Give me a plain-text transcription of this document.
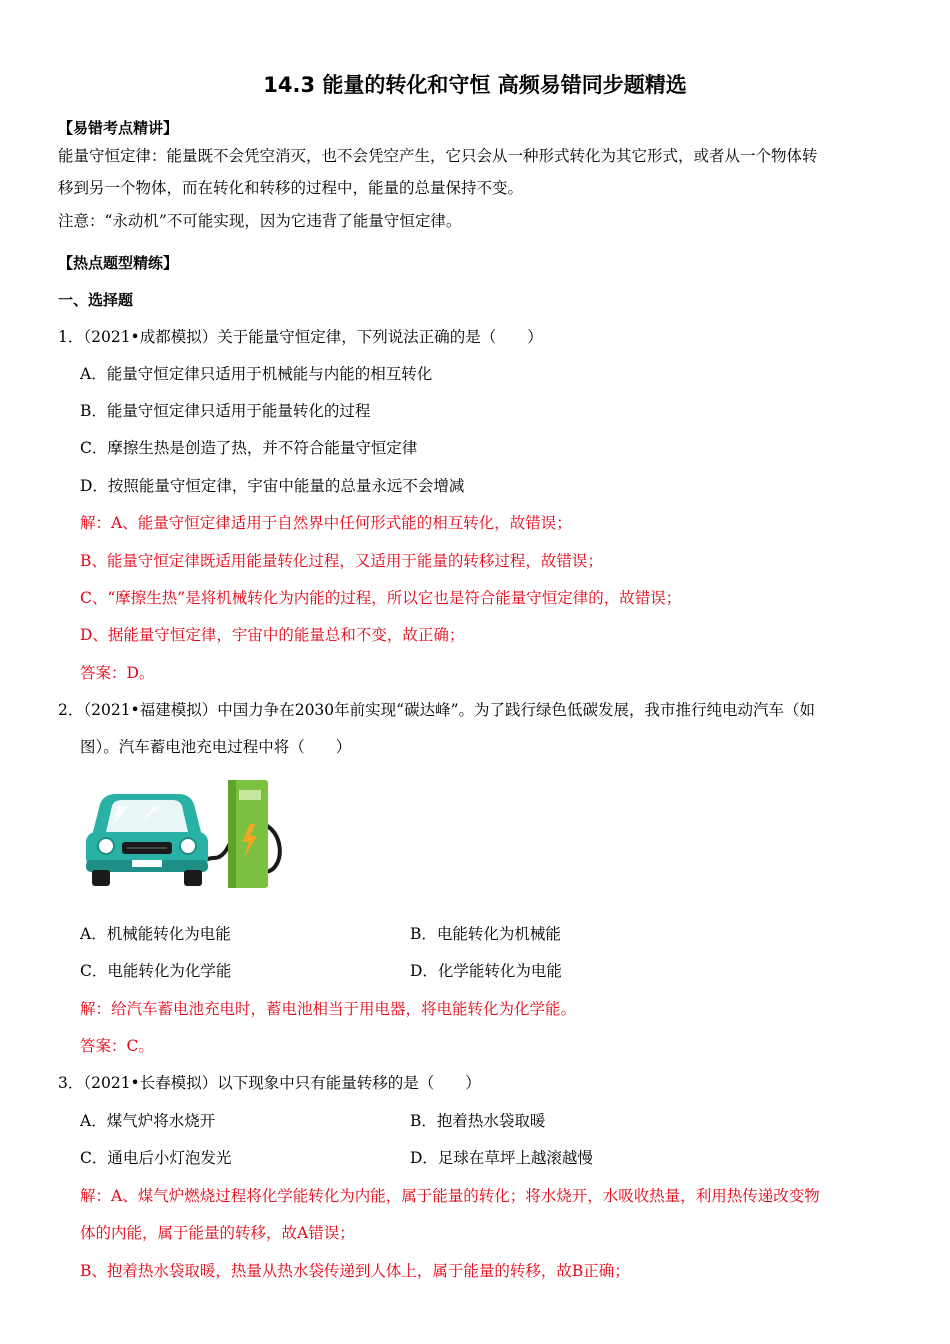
14.3 能量的转化和守恒 高频易错同步题精选
【易错考点精讲】
能量守恒定律：能量既不会凭空消灭，也不会凭空产生，它只会从一种形式转化为其它形式，或者从一个物体转
移到另一个物体，而在转化和转移的过程中，能量的总量保持不变。
注意：“永动机”不可能实现，因为它违背了能量守恒定律。
【热点题型精练】
一、选择题
1．（2021•成都模拟）关于能量守恒定律，下列说法正确的是（　　）
A．能量守恒定律只适用于机械能与内能的相互转化
B．能量守恒定律只适用于能量转化的过程
C．摩擦生热是创造了热，并不符合能量守恒定律
D．按照能量守恒定律，宇宙中能量的总量永远不会增减
解：A、能量守恒定律适用于自然界中任何形式能的相互转化，故错误；
B、能量守恒定律既适用能量转化过程，又适用于能量的转移过程，故错误；
C、“摩擦生热”是将机械转化为内能的过程，所以它也是符合能量守恒定律的，故错误；
D、据能量守恒定律，宇宙中的能量总和不变，故正确；
答案：D。
2．（2021•福建模拟）中国力争在2030年前实现“碳达峰”。为了践行绿色低碳发展，我市推行纯电动汽车（如
图）。汽车蓄电池充电过程中将（　　）
A．机械能转化为电能	B．电能转化为机械能
C．电能转化为化学能	D．化学能转化为电能
解：给汽车蓄电池充电时，蓄电池相当于用电器，将电能转化为化学能。
答案：C。
3．（2021•长春模拟）以下现象中只有能量转移的是（　　）
A．煤气炉将水烧开	B．抱着热水袋取暖
C．通电后小灯泡发光	D．足球在草坪上越滚越慢
解：A、煤气炉燃烧过程将化学能转化为内能，属于能量的转化；将水烧开，水吸收热量，利用热传递改变物
体的内能，属于能量的转移，故A错误；
B、抱着热水袋取暖，热量从热水袋传递到人体上，属于能量的转移，故B正确；
